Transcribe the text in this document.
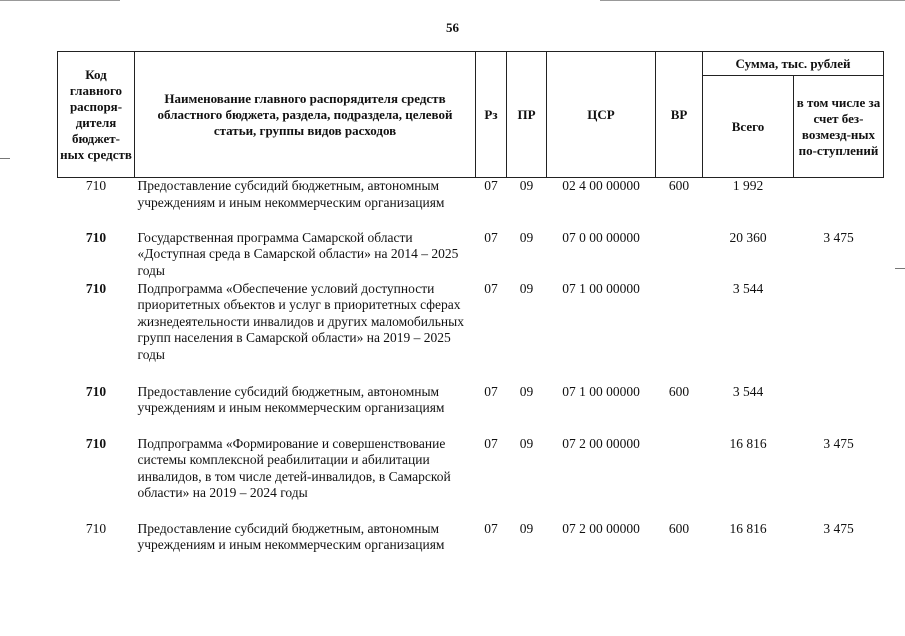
56
Код главного распоря-дителя бюджет-ных средств	Наименование главного распорядителя средств областного бюджета, раздела, подраздела, целевой статьи, группы видов расходов	Рз	ПР	ЦСР	ВР	Сумма, тыс. рублей	
						Всего	в том числе за счет без-возмезд-ных по-ступлений
710	Предоставление субсидий бюджетным, автономным учреждениям и иным некоммерческим организациям	07	09	02 4 00 00000	600	1 992	
710	Государственная программа Самарской области «Доступная среда в Самарской области» на 2014 – 2025 годы	07	09	07 0 00 00000		20 360	3 475
710	Подпрограмма «Обеспечение условий доступности приоритетных объектов и услуг в приоритетных сферах жизнедеятельности инвалидов и других маломобильных групп населения в Самарской области» на 2019 – 2025 годы	07	09	07 1 00 00000		3 544	
710	Предоставление субсидий бюджетным, автономным учреждениям и иным некоммерческим организациям	07	09	07 1 00 00000	600	3 544	
710	Подпрограмма «Формирование и совершенствование системы комплексной реабилитации и абилитации инвалидов, в том числе детей-инвалидов, в Самарской области» на 2019 – 2024 годы	07	09	07 2 00 00000		16 816	3 475
710	Предоставление субсидий бюджетным, автономным учреждениям и иным некоммерческим организациям	07	09	07 2 00 00000	600	16 816	3 475
